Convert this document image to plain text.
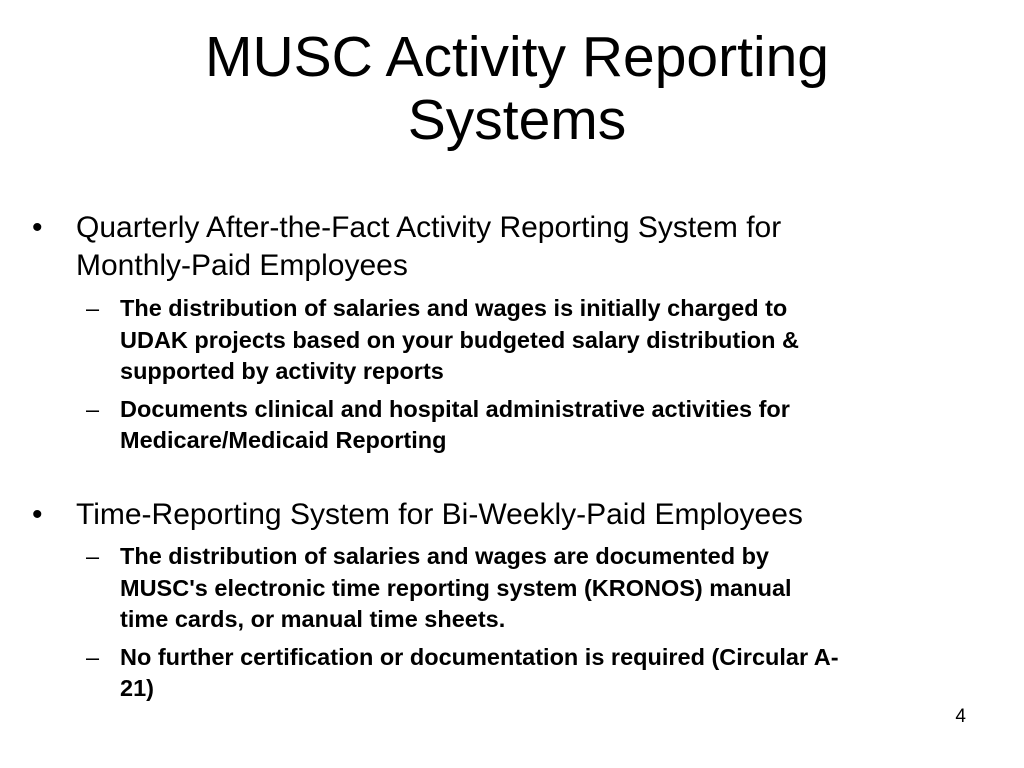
MUSC Activity Reporting
Systems
•	Quarterly After-the-Fact Activity Reporting System for
Monthly-Paid Employees
– The distribution of salaries and wages is initially charged to
UDAK projects based on your budgeted salary distribution &
supported by activity reports
– Documents clinical and hospital administrative activities for
Medicare/Medicaid Reporting
•	Time-Reporting System for Bi-Weekly-Paid Employees
– The distribution of salaries and wages are documented by
MUSC's electronic time reporting system (KRONOS) manual
time cards, or manual time sheets.
– No further certification or documentation is required (Circular A-
21)
4
